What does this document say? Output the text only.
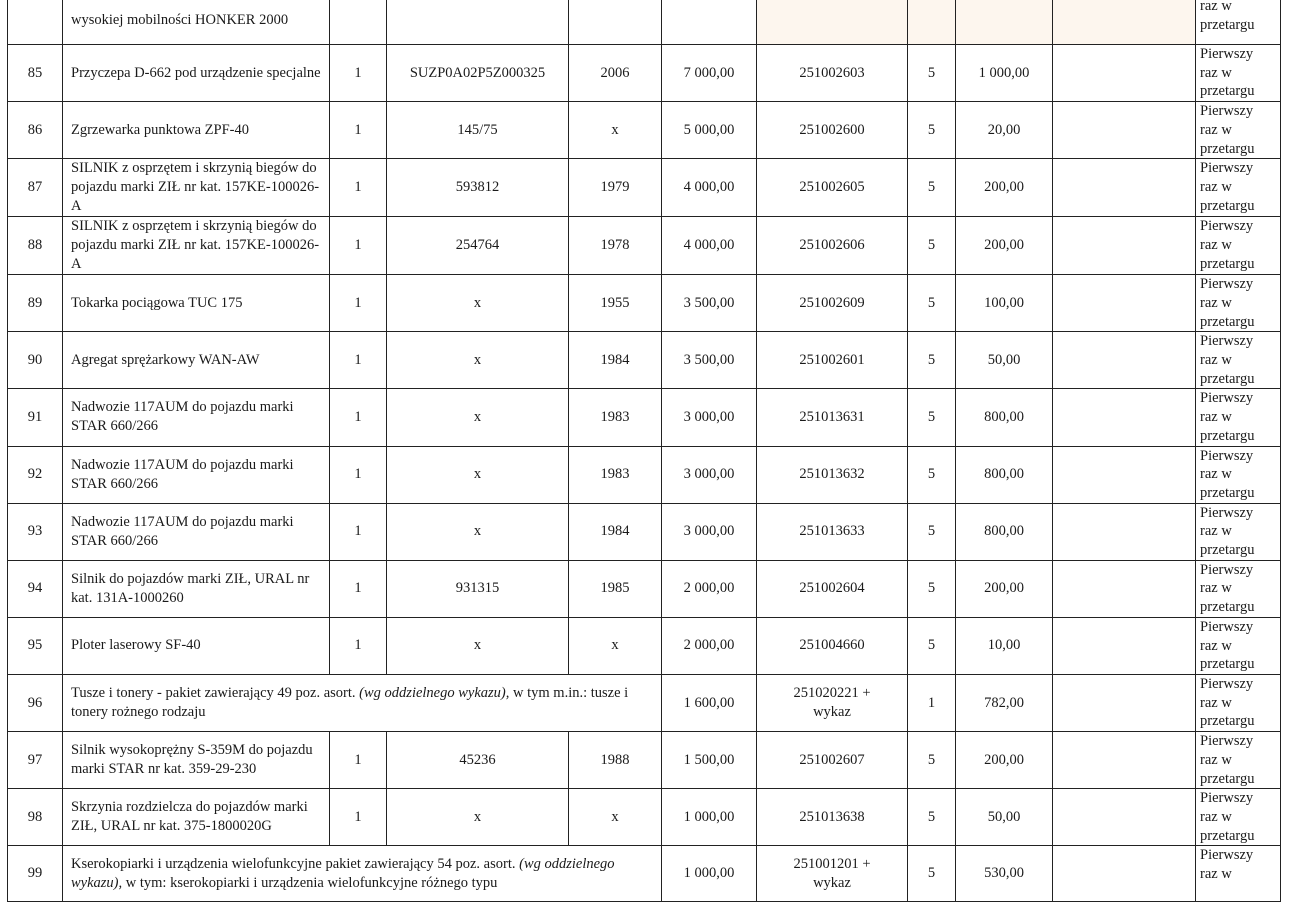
	wysokiej mobilności HONKER 2000									raz w
przetargu
85	Przyczepa D-662 pod urządzenie specjalne	1	SUZP0A02P5Z000325	2006	7 000,00	251002603	5	1 000,00		Pierwszy
raz w
przetargu
86	Zgrzewarka punktowa ZPF-40	1	145/75	x	5 000,00	251002600	5	20,00		Pierwszy
raz w
przetargu
87	SILNIK z osprzętem i skrzynią biegów do pojazdu marki ZIŁ nr kat. 157KE-100026-A	1	593812	1979	4 000,00	251002605	5	200,00		Pierwszy
raz w
przetargu
88	SILNIK z osprzętem i skrzynią biegów do pojazdu marki ZIŁ nr kat. 157KE-100026-A	1	254764	1978	4 000,00	251002606	5	200,00		Pierwszy
raz w
przetargu
89	Tokarka pociągowa TUC 175	1	x	1955	3 500,00	251002609	5	100,00		Pierwszy
raz w
przetargu
90	Agregat sprężarkowy WAN-AW	1	x	1984	3 500,00	251002601	5	50,00		Pierwszy
raz w
przetargu
91	Nadwozie 117AUM do pojazdu marki STAR 660/266	1	x	1983	3 000,00	251013631	5	800,00		Pierwszy
raz w
przetargu
92	Nadwozie 117AUM do pojazdu marki STAR 660/266	1	x	1983	3 000,00	251013632	5	800,00		Pierwszy
raz w
przetargu
93	Nadwozie 117AUM do pojazdu marki STAR 660/266	1	x	1984	3 000,00	251013633	5	800,00		Pierwszy
raz w
przetargu
94	Silnik do pojazdów marki ZIŁ, URAL nr kat. 131A-1000260	1	931315	1985	2 000,00	251002604	5	200,00		Pierwszy
raz w
przetargu
95	Ploter laserowy SF-40	1	x	x	2 000,00	251004660	5	10,00		Pierwszy
raz w
przetargu
96	Tusze i tonery - pakiet zawierający 49 poz. asort. (wg oddzielnego wykazu), w tym m.in.: tusze i tonery rożnego rodzaju				1 600,00	251020221 +
wykaz	1	782,00		Pierwszy
raz w
przetargu
97	Silnik wysokoprężny S-359M do pojazdu marki STAR nr kat. 359-29-230	1	45236	1988	1 500,00	251002607	5	200,00		Pierwszy
raz w
przetargu
98	Skrzynia rozdzielcza do pojazdów marki ZIŁ, URAL nr kat. 375-1800020G	1	x	x	1 000,00	251013638	5	50,00		Pierwszy
raz w
przetargu
99	Kserokopiarki i urządzenia wielofunkcyjne pakiet zawierający 54 poz. asort. (wg oddzielnego wykazu), w tym: kserokopiarki i urządzenia wielofunkcyjne różnego typu				1 000,00	251001201 +
wykaz	5	530,00		Pierwszy
raz w
